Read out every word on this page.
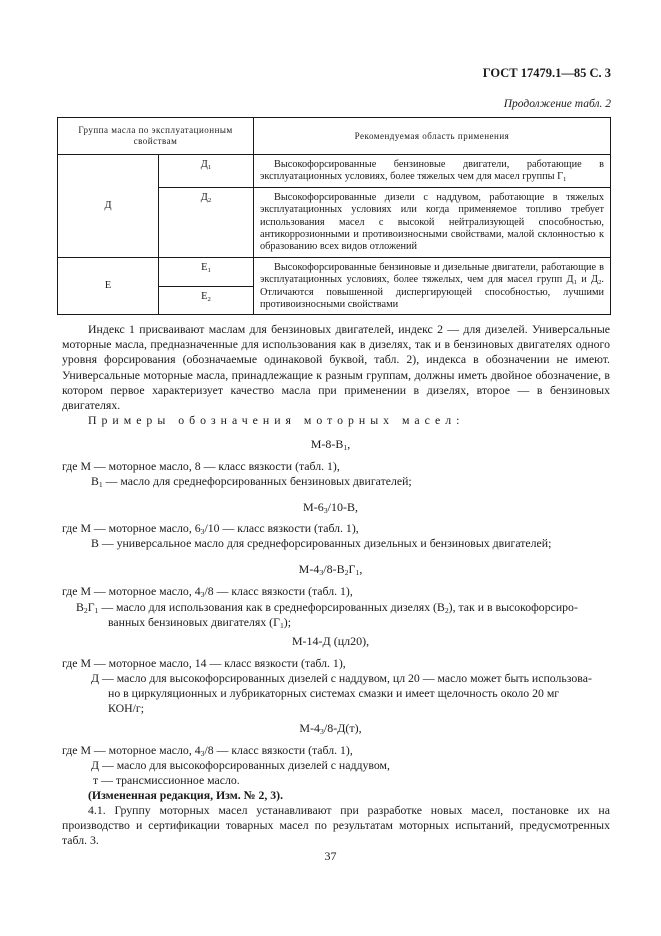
ГОСТ 17479.1—85 С. 3
Продолжение табл. 2
Группа масла по эксплуатационным свойствам		Рекомендуемая область применения
Д	$Д_1$	Высокофорсированные бензиновые двигатели, работающие в эксплуатационных условиях, более тяжелых чем для масел группы $Г_1$

	$Д_2$	Высокофорсированные дизели с наддувом, работающие в тяжелых эксплуатационных условиях или когда применяемое топливо требует использования масел с высокой нейтрализующей способностью, антикоррозионными и противоизносными свойствами, малой склонностью к образованию всех видов отложений

Е	$Е_1$	Высокофорсированные бензиновые и дизельные двигатели, работающие в эксплуатационных условиях, более тяжелых, чем для масел групп $Д_1$ и $Д_2$. Отличаются повышенной диспергирующей способностью, лучшими противоизносными свойствами

	$Е_2$
Индекс 1 присваивают маслам для бензиновых двигателей, индекс 2 — для дизелей. Универсальные моторные масла, предназначенные для использования как в дизелях, так и в бензиновых двигателях одного уровня форсирования (обозначаемые одинаковой буквой, табл. 2), индекса в обозначении не имеют. Универсальные моторные масла, принадлежащие к разным группам, должны иметь двойное обозначение, в котором первое характеризует качество масла при применении в дизелях, второе — в бензиновых двигателях.
Примеры обозначения моторных масел:
$М-8-В_1$,
где М — моторное масло, 8 — класс вязкости (табл. 1),
$В_1$ — масло для среднефорсированных бензиновых двигателей;
$М-6_3/10-В$,
где М — моторное масло, $6_3/10$ — класс вязкости (табл. 1),
В — универсальное масло для среднефорсированных дизельных и бензиновых двигателей;
$М-4_3/8-В_2Г_1$,
где М — моторное масло, $4_3/8$ — класс вязкости (табл. 1),
$В_2Г_1$ — масло для использования как в среднефорсированных дизелях $(В_2)$, так и в высокофорсиро-
ванных бензиновых двигателях $(Г_1)$;
М-14-Д (цл20),
где М — моторное масло, 14 — класс вязкости (табл. 1),
Д — масло для высокофорсированных дизелей с наддувом, цл 20 — масло может быть использова-
но в циркуляционных и лубрикаторных системах смазки и имеет щелочность около 20 мг
КОН/г;
$М-4_3/8-Д(т)$,
где М — моторное масло, $4_3/8$ — класс вязкости (табл. 1),
Д — масло для высокофорсированных дизелей с наддувом,
т — трансмиссионное масло.
(Измененная редакция, Изм. № 2, 3).
4.1. Группу моторных масел устанавливают при разработке новых масел, постановке их на производство и сертификации товарных масел по результатам моторных испытаний, предусмотренных табл. 3.
37
